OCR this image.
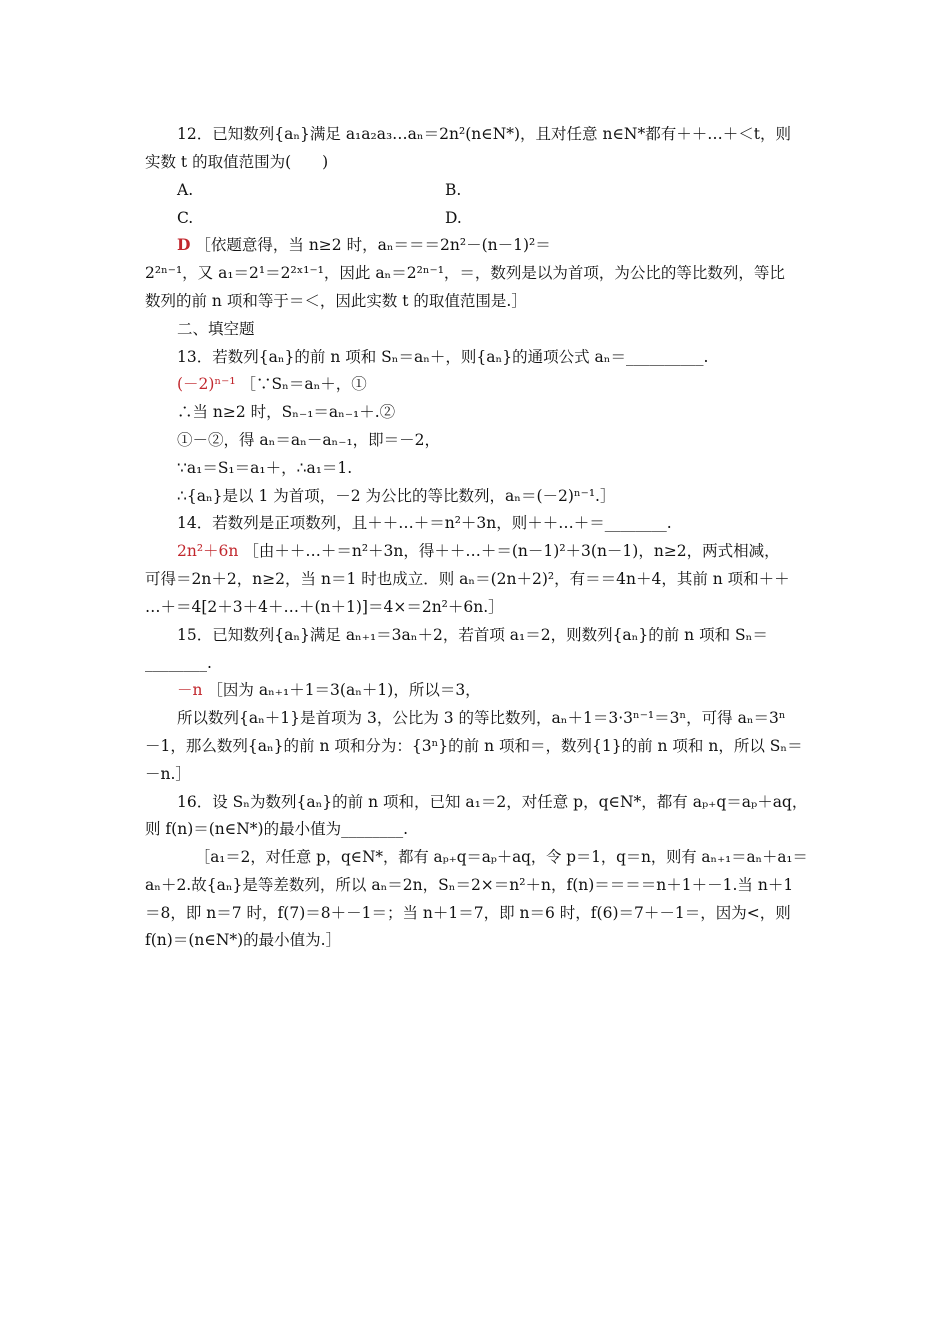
12．已知数列{aₙ}满足 a₁a₂a₃…aₙ＝2n²(n∈N*)，且对任意 n∈N*都有＋＋…＋＜t，则
实数 t 的取值范围为(　　)
A.	B.
C.	D.
D ［依题意得，当 n≥2 时，aₙ＝＝＝2n²－(n－1)²＝
2²ⁿ⁻¹，又 a₁＝2¹＝2²ˣ¹⁻¹，因此 aₙ＝2²ⁿ⁻¹，＝，数列是以为首项，为公比的等比数列，等比
数列的前 n 项和等于＝＜，因此实数 t 的取值范围是.］
二、填空题
13．若数列{aₙ}的前 n 项和 Sₙ＝aₙ＋，则{aₙ}的通项公式 aₙ＝__________.
(－2)ⁿ⁻¹ ［∵Sₙ＝aₙ＋，①
∴当 n≥2 时，Sₙ₋₁＝aₙ₋₁＋.②
①－②，得 aₙ＝aₙ－aₙ₋₁，即＝－2，
∵a₁＝S₁＝a₁＋，∴a₁＝1.
∴{aₙ}是以 1 为首项，－2 为公比的等比数列，aₙ＝(－2)ⁿ⁻¹.］
14．若数列是正项数列，且＋＋…＋＝n²＋3n，则＋＋…＋＝________.
2n²＋6n ［由＋＋…＋＝n²＋3n，得＋＋…＋＝(n－1)²＋3(n－1)，n≥2，两式相减，
可得＝2n＋2，n≥2，当 n＝1 时也成立．则 aₙ＝(2n＋2)²，有＝＝4n＋4，其前 n 项和＋＋
…＋＝4[2＋3＋4＋…＋(n＋1)]＝4×＝2n²＋6n.］
15．已知数列{aₙ}满足 aₙ₊₁＝3aₙ＋2，若首项 a₁＝2，则数列{aₙ}的前 n 项和 Sₙ＝
________.
－n ［因为 aₙ₊₁＋1＝3(aₙ＋1)，所以＝3，
所以数列{aₙ＋1}是首项为 3，公比为 3 的等比数列，aₙ＋1＝3·3ⁿ⁻¹＝3ⁿ，可得 aₙ＝3ⁿ
－1，那么数列{aₙ}的前 n 项和分为：{3ⁿ}的前 n 项和＝，数列{1}的前 n 项和 n，所以 Sₙ＝
－n.］
16．设 Sₙ为数列{aₙ}的前 n 项和，已知 a₁＝2，对任意 p，q∈N*，都有 aₚ₊q＝aₚ＋aq，
则 f(n)＝(n∈N*)的最小值为________.
［a₁＝2，对任意 p，q∈N*，都有 aₚ₊q＝aₚ＋aq，令 p＝1，q＝n，则有 aₙ₊₁＝aₙ＋a₁＝
aₙ＋2.故{aₙ}是等差数列，所以 aₙ＝2n，Sₙ＝2×＝n²＋n，f(n)＝＝＝＝n＋1＋－1.当 n＋1
＝8，即 n＝7 时，f(7)＝8＋－1＝；当 n＋1＝7，即 n＝6 时，f(6)＝7＋－1＝，因为<，则
f(n)＝(n∈N*)的最小值为.］
